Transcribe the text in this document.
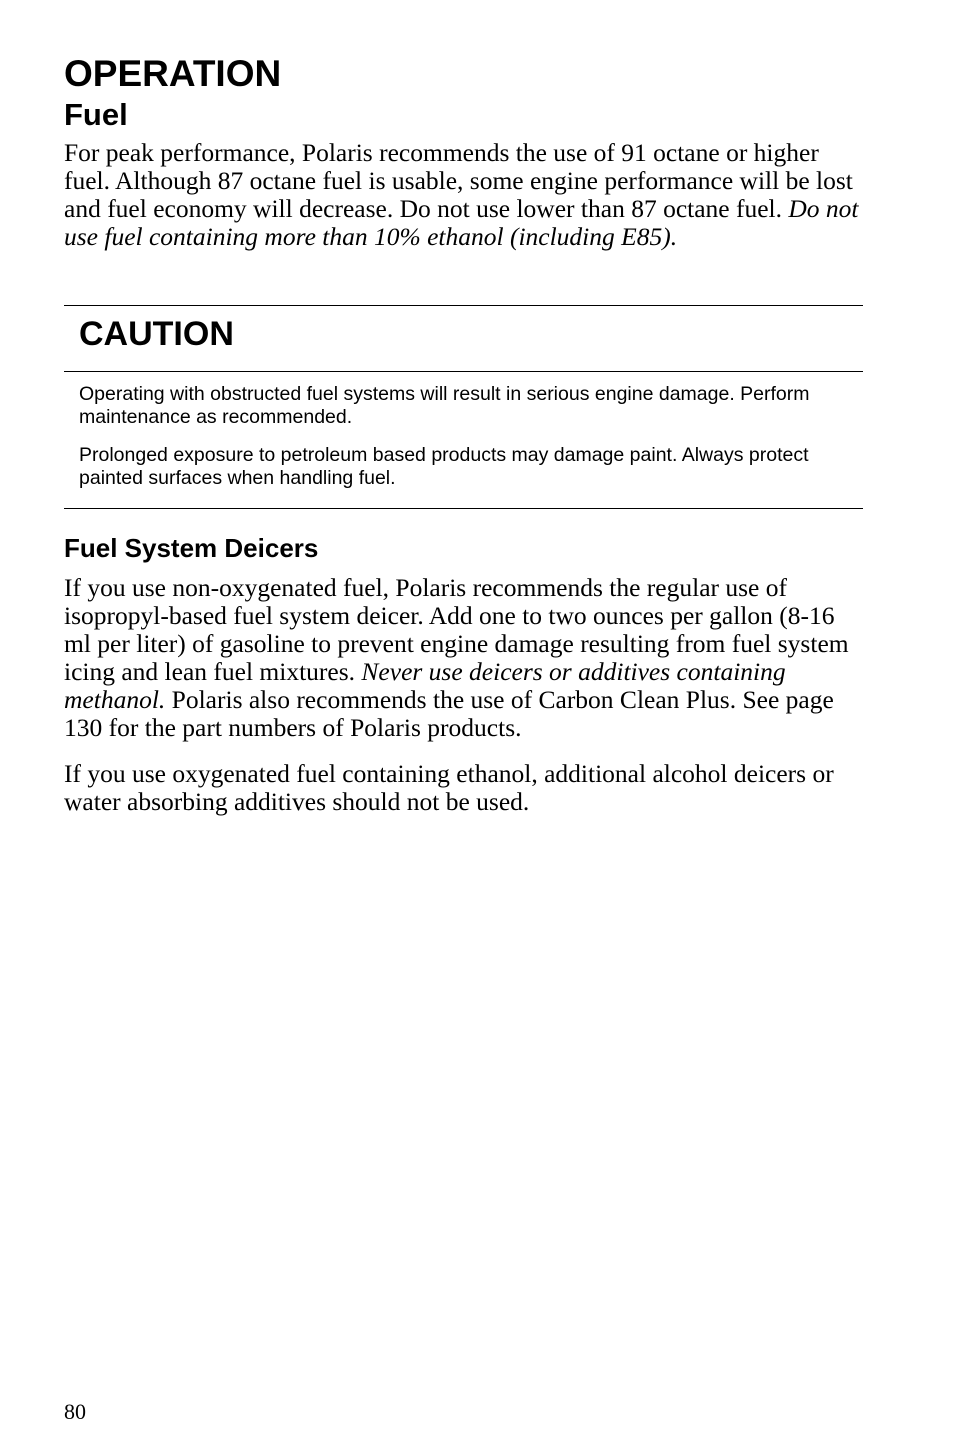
OPERATION
Fuel

For peak performance, Polaris recommends the use of 91 octane or higher fuel. Although 87 octane fuel is usable, some engine performance will be lost and fuel economy will decrease. Do not use lower than 87 octane fuel. Do not use fuel containing more than 10% ethanol (including E85).

CAUTION

Operating with obstructed fuel systems will result in serious engine damage. Perform maintenance as recommended.

Prolonged exposure to petroleum based products may damage paint. Always protect painted surfaces when handling fuel.

Fuel System Deicers

If you use non-oxygenated fuel, Polaris recommends the regular use of isopropyl-based fuel system deicer. Add one to two ounces per gallon (8-16 ml per liter) of gasoline to prevent engine damage resulting from fuel system icing and lean fuel mixtures. Never use deicers or additives containing methanol. Polaris also recommends the use of Carbon Clean Plus. See page 130 for the part numbers of Polaris products.

If you use oxygenated fuel containing ethanol, additional alcohol deicers or water absorbing additives should not be used.

80
